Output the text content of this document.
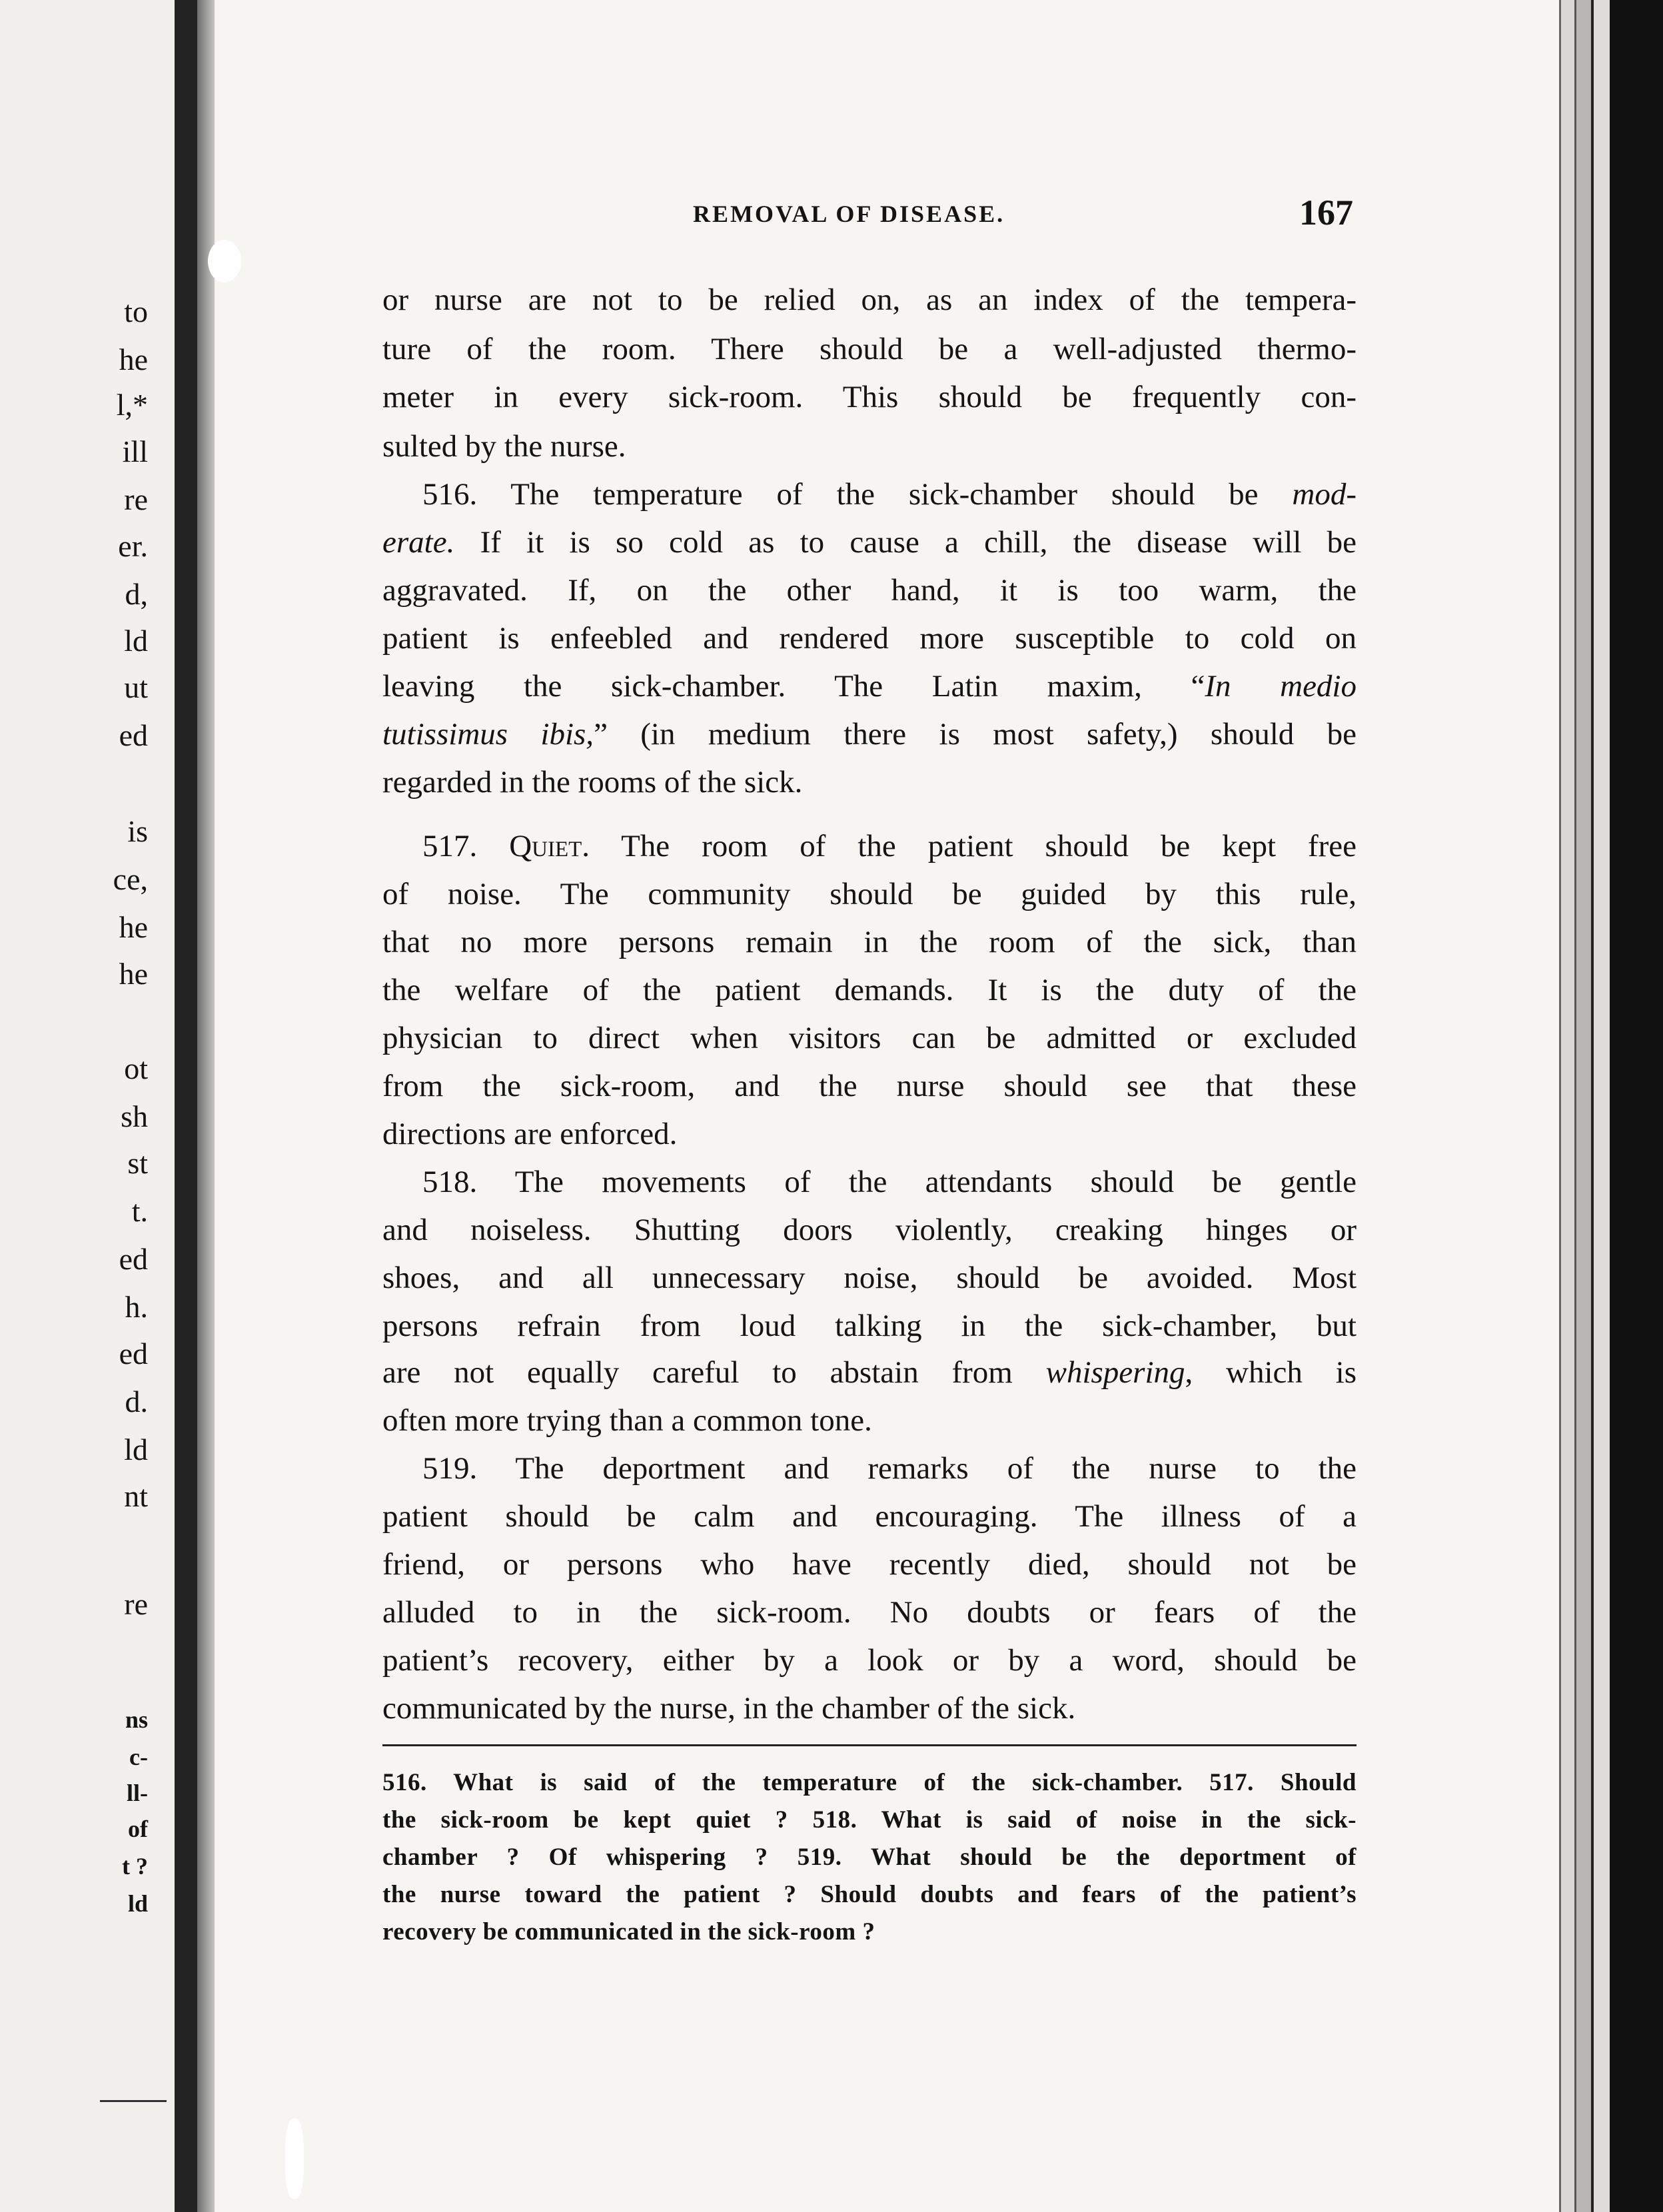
to
he
l,*
ill
re
er.
d,
ld
ut
ed
is
ce,
he
he
ot
sh
st
t.
ed
h.
ed
d.
ld
nt
re
ns
c-
ll-
of
t ?
ld
REMOVAL OF DISEASE.	167
or nurse are not to be relied on, as an index of the tempera-
ture of the room. There should be a well-adjusted thermo-
meter in every sick-room. This should be frequently con-
sulted by the nurse.
516. The temperature of the sick-chamber should be mod-
erate. If it is so cold as to cause a chill, the disease will be
aggravated. If, on the other hand, it is too warm, the
patient is enfeebled and rendered more susceptible to cold on
leaving the sick-chamber. The Latin maxim, “In medio
tutissimus ibis,” (in medium there is most safety,) should be
regarded in the rooms of the sick.
517. Quiet. The room of the patient should be kept free
of noise. The community should be guided by this rule,
that no more persons remain in the room of the sick, than
the welfare of the patient demands. It is the duty of the
physician to direct when visitors can be admitted or excluded
from the sick-room, and the nurse should see that these
directions are enforced.
518. The movements of the attendants should be gentle
and noiseless. Shutting doors violently, creaking hinges or
shoes, and all unnecessary noise, should be avoided. Most
persons refrain from loud talking in the sick-chamber, but
are not equally careful to abstain from whispering, which is
often more trying than a common tone.
519. The deportment and remarks of the nurse to the
patient should be calm and encouraging. The illness of a
friend, or persons who have recently died, should not be
alluded to in the sick-room. No doubts or fears of the
patient’s recovery, either by a look or by a word, should be
communicated by the nurse, in the chamber of the sick.
516. What is said of the temperature of the sick-chamber. 517. Should
the sick-room be kept quiet ? 518. What is said of noise in the sick-
chamber ? Of whispering ? 519. What should be the deportment of
the nurse toward the patient ? Should doubts and fears of the patient’s
recovery be communicated in the sick-room ?
